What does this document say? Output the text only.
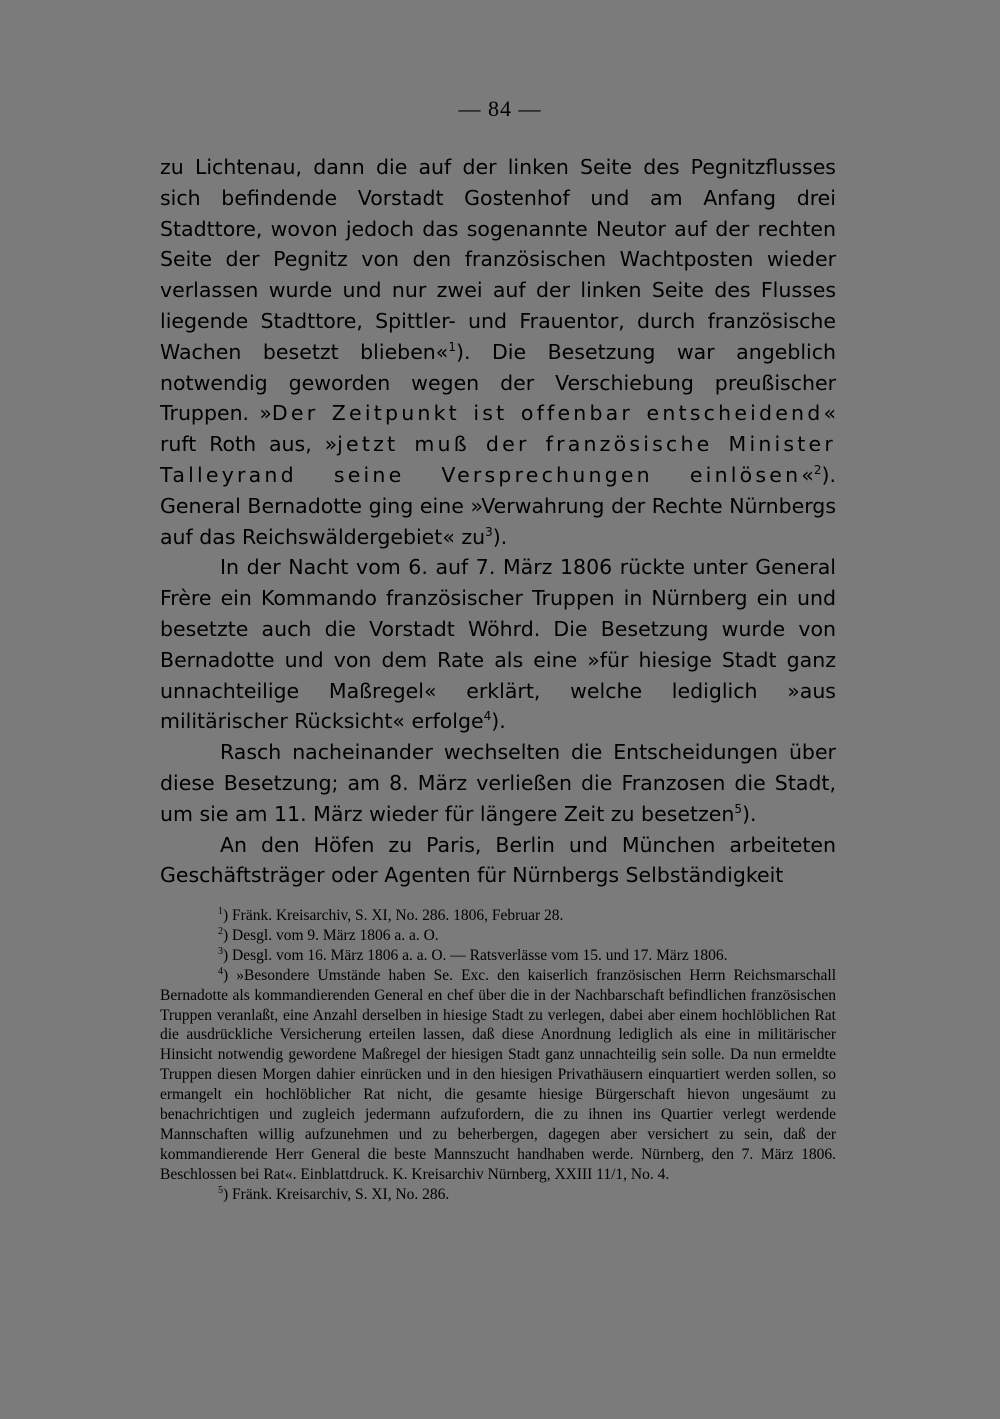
— 84 —

zu Lichtenau, dann die auf der linken Seite des Pegnitzflusses sich befindende Vorstadt Gostenhof und am Anfang drei Stadttore, wovon jedoch das sogenannte Neutor auf der rechten Seite der Pegnitz von den französischen Wachtposten wieder verlassen wurde und nur zwei auf der linken Seite des Flusses liegende Stadttore, Spittler- und Frauentor, durch französische Wachen besetzt blieben«$^1$). Die Besetzung war angeblich notwendig geworden wegen der Verschiebung preußischer Truppen. »Der Zeitpunkt ist offenbar entscheidend« ruft Roth aus, »jetzt muß der französische Minister Talleyrand seine Versprechungen einlösen«$^2$). General Bernadotte ging eine »Verwahrung der Rechte Nürnbergs auf das Reichswäldergebiet« $zu^3$).

In der Nacht vom 6. auf 7. März 1806 rückte unter General Frère ein Kommando französischer Truppen in Nürnberg ein und besetzte auch die Vorstadt Wöhrd. Die Besetzung wurde von Bernadotte und von dem Rate als eine »für hiesige Stadt ganz unnachteilige Maßregel« erklärt, welche lediglich »aus militärischer Rücksicht« erfolge$^4$).

Rasch nacheinander wechselten die Entscheidungen über diese Besetzung; am 8. März verließen die Franzosen die Stadt, um sie am 11. März wieder für längere Zeit zu besetzen$^5$).

An den Höfen zu Paris, Berlin und München arbeiteten Geschäftsträger oder Agenten für Nürnbergs Selbständigkeit

$^1$) Fränk. Kreisarchiv, S. XI, No. 286. 1806, Februar 28.

$^2$) Desgl. vom 9. März 1806 a. a. O.

$^3$) Desgl. vom 16. März 1806 a. a. O. — Ratsverlässe vom 15. und 17. März 1806.

$^4$) »Besondere Umstände haben Se. Exc. den kaiserlich französischen Herrn Reichsmarschall Bernadotte als kommandierenden General en chef über die in der Nachbarschaft befindlichen französischen Truppen veranlaßt, eine Anzahl derselben in hiesige Stadt zu verlegen, dabei aber einem hochlöblichen Rat die ausdrückliche Versicherung erteilen lassen, daß diese Anordnung lediglich als eine in militärischer Hinsicht notwendig gewordene Maßregel der hiesigen Stadt ganz unnachteilig sein solle. Da nun ermeldte Truppen diesen Morgen dahier einrücken und in den hiesigen Privathäusern einquartiert werden sollen, so ermangelt ein hochlöblicher Rat nicht, die gesamte hiesige Bürgerschaft hievon ungesäumt zu benachrichtigen und zugleich jedermann aufzufordern, die zu ihnen ins Quartier verlegt werdende Mannschaften willig aufzunehmen und zu beherbergen, dagegen aber versichert zu sein, daß der kommandierende Herr General die beste Mannszucht handhaben werde. Nürnberg, den 7. März 1806. Beschlossen bei Rat«. Einblattdruck. K. Kreisarchiv Nürnberg, XXIII 11/1, No. 4.

$^5$) Fränk. Kreisarchiv, S. XI, No. 286.
